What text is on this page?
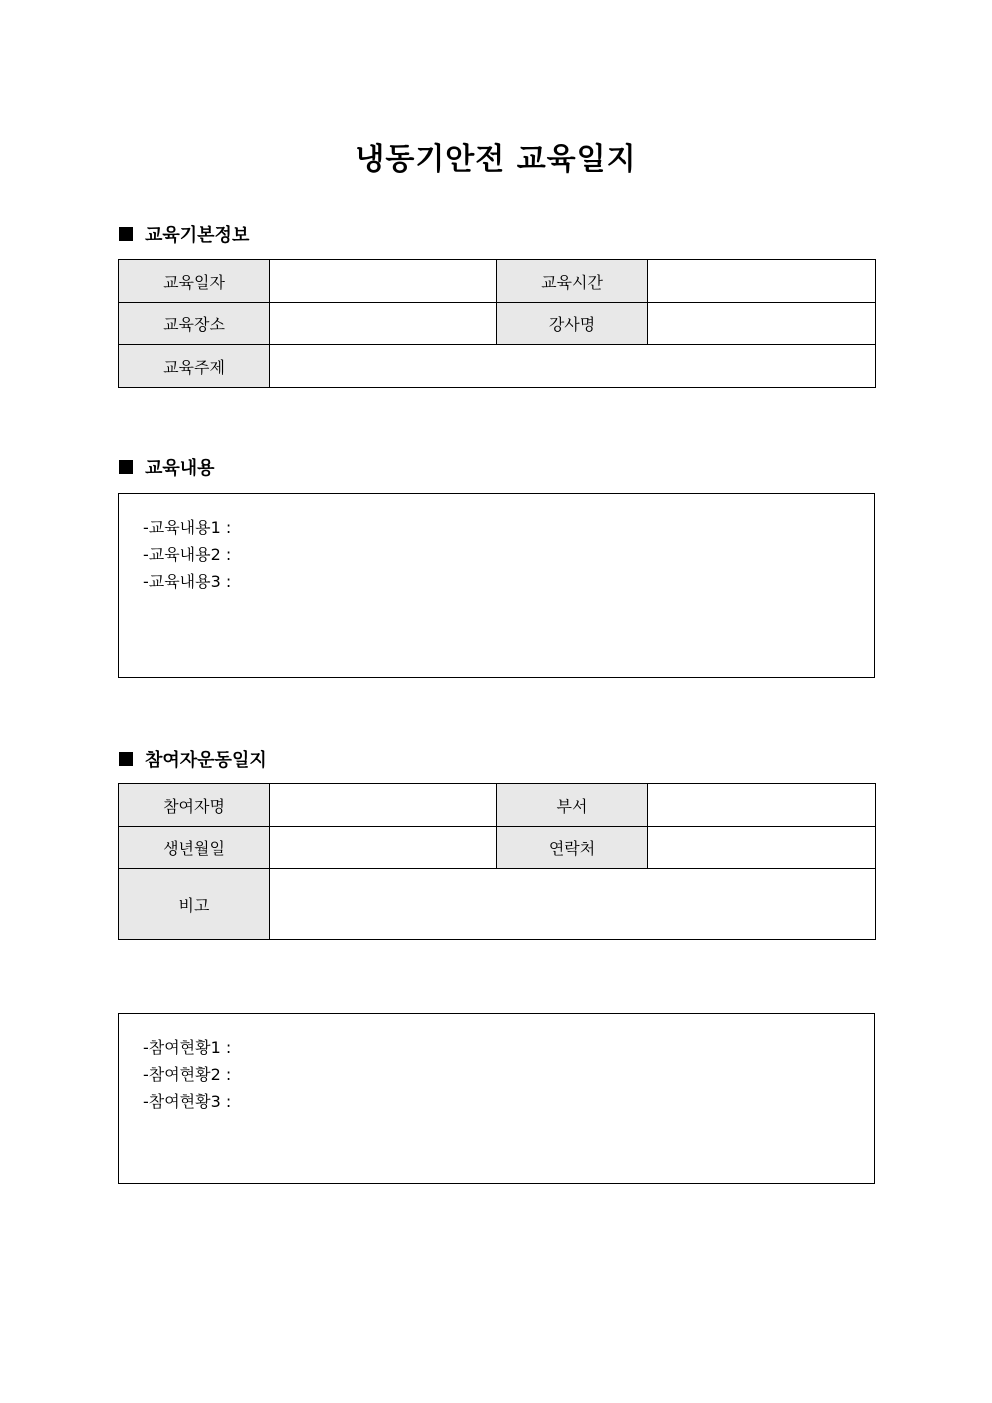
냉동기안전 교육일지
교육기본정보
교육일자		교육시간	
교육장소		강사명	
교육주제			
교육내용
-교육내용1 :
-교육내용2 :
-교육내용3 :
참여자운동일지
참여자명		부서	
생년월일		연락처	
비고			
-참여현황1 :
-참여현황2 :
-참여현황3 :
